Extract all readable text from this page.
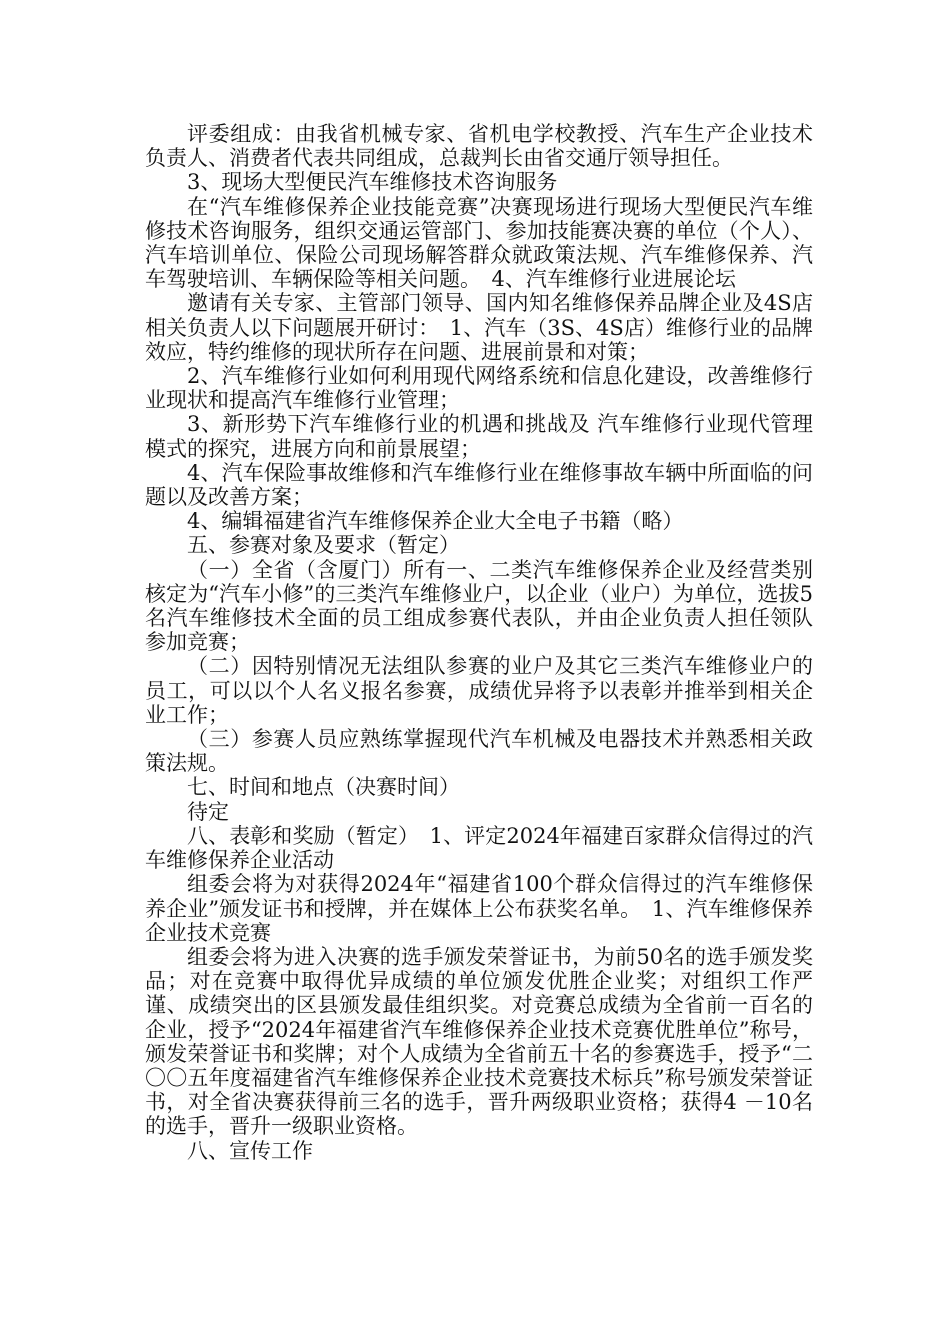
评委组成：由我省机械专家、省机电学校教授、汽车生产企业技术负责人、消费者代表共同组成，总裁判长由省交通厅领导担任。

3、现场大型便民汽车维修技术咨询服务

在“汽车维修保养企业技能竞赛”决赛现场进行现场大型便民汽车维修技术咨询服务，组织交通运管部门、参加技能赛决赛的单位（个人）、汽车培训单位、保险公司现场解答群众就政策法规、汽车维修保养、汽车驾驶培训、车辆保险等相关问题。　4、汽车维修行业进展论坛

邀请有关专家、主管部门领导、国内知名维修保养品牌企业及4S店相关负责人以下问题展开研讨：　1、汽车（3S、4S店）维修行业的品牌效应，特约维修的现状所存在问题、进展前景和对策；

2、汽车维修行业如何利用现代网络系统和信息化建设，改善维修行业现状和提高汽车维修行业管理；

3、新形势下汽车维修行业的机遇和挑战及 汽车维修行业现代管理模式的探究，进展方向和前景展望；

4、汽车保险事故维修和汽车维修行业在维修事故车辆中所面临的问题以及改善方案；

4、编辑福建省汽车维修保养企业大全电子书籍（略）

五、参赛对象及要求（暂定）

（一）全省（含厦门）所有一、二类汽车维修保养企业及经营类别核定为“汽车小修”的三类汽车维修业户，以企业（业户）为单位，选拔5名汽车维修技术全面的员工组成参赛代表队，并由企业负责人担任领队参加竞赛；

（二）因特别情况无法组队参赛的业户及其它三类汽车维修业户的员工，可以以个人名义报名参赛，成绩优异将予以表彰并推举到相关企业工作；

（三）参赛人员应熟练掌握现代汽车机械及电器技术并熟悉相关政策法规。

七、时间和地点（决赛时间）

待定

八、表彰和奖励（暂定）　1、评定2024年福建百家群众信得过的汽车维修保养企业活动

组委会将为对获得2024年“福建省100个群众信得过的汽车维修保养企业”颁发证书和授牌，并在媒体上公布获奖名单。　1、汽车维修保养企业技术竞赛

组委会将为进入决赛的选手颁发荣誉证书，为前50名的选手颁发奖品；对在竞赛中取得优异成绩的单位颁发优胜企业奖；对组织工作严谨、成绩突出的区县颁发最佳组织奖。对竞赛总成绩为全省前一百名的企业，授予“2024年福建省汽车维修保养企业技术竞赛优胜单位”称号，颁发荣誉证书和奖牌；对个人成绩为全省前五十名的参赛选手，授予“二〇〇五年度福建省汽车维修保养企业技术竞赛技术标兵”称号颁发荣誉证书，对全省决赛获得前三名的选手，晋升两级职业资格；获得4 －10名的选手，晋升一级职业资格。

八、宣传工作
